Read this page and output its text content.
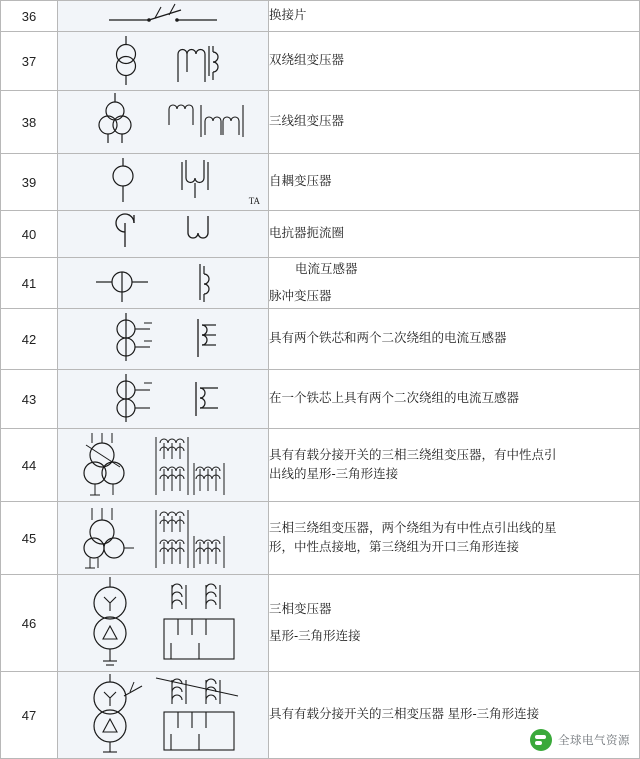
36		换接片

37		双绕组变压器

38		三线组变压器

39	TA	自耦变压器

40		电抗器扼流圈

41		电流互感器
脉冲变压器

42		具有两个铁芯和两个二次绕组的电流互感器

43		在一个铁芯上具有两个二次绕组的电流互感器

44		具有有载分接开关的三相三绕组变压器，有中性点引
出线的星形-三角形连接

45		三相三绕组变压器，两个绕组为有中性点引出线的星
形，中性点接地，第三绕组为开口三角形连接

46		三相变压器
星形-三角形连接

47		具有有载分接开关的三相变压器 星形-三角形连接
全球电气资源
